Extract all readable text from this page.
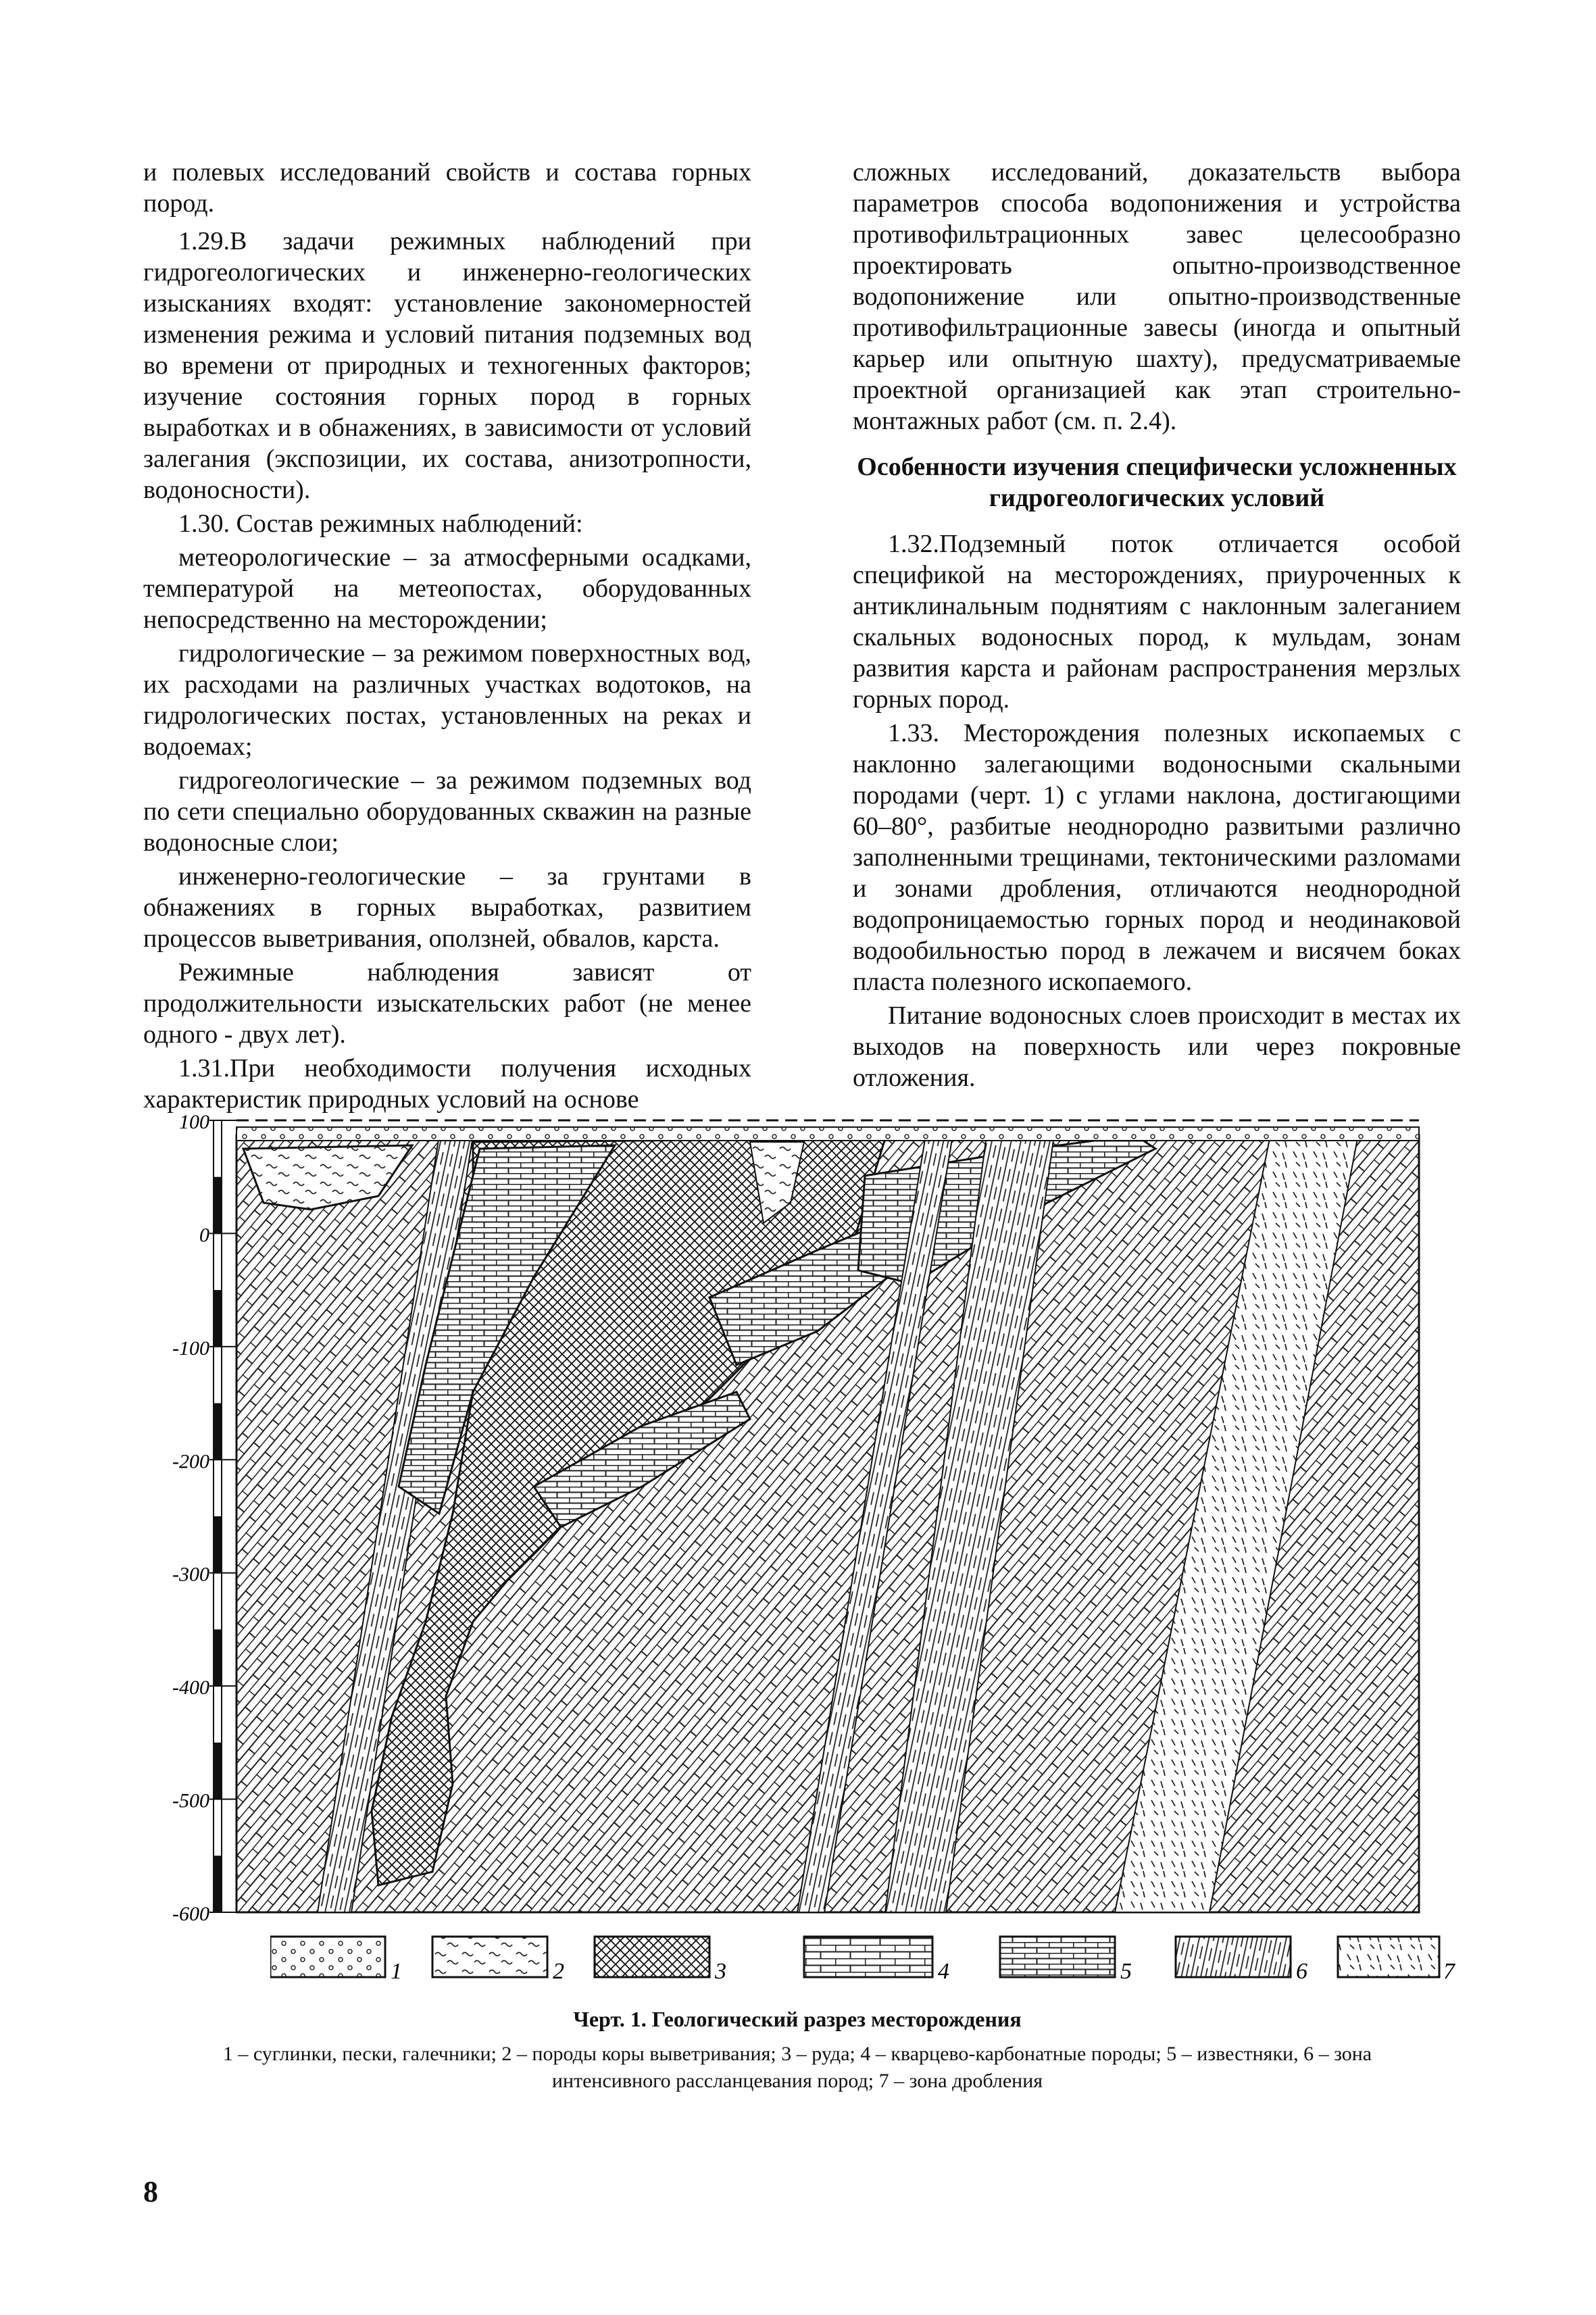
и полевых исследований свойств и состава горных пород.

1.29.В задачи режимных наблюдений при гидрогеологических и инженерно-геологических изысканиях входят: установление закономерностей изменения режима и условий питания подземных вод во времени от природных и техногенных факторов; изучение состояния горных пород в горных выработках и в обнажениях, в зависимости от условий залегания (экспозиции, их состава, анизотропности, водоносности).

1.30. Состав режимных наблюдений:

метеорологические – за атмосферными осадками, температурой на метеопостах, оборудованных непосредственно на месторождении;

гидрологические – за режимом поверхностных вод, их расходами на различных участках водотоков, на гидрологических постах, установленных на реках и водоемах;

гидрогеологические – за режимом подземных вод по сети специально оборудованных скважин на разные водоносные слои;

инженерно-геологические – за грунтами в обнажениях в горных выработках, развитием процессов выветривания, оползней, обвалов, карста.

Режимные наблюдения зависят от продолжительности изыскательских работ (не менее одного - двух лет).

1.31.При необходимости получения исходных характеристик природных условий на основе

сложных исследований, доказательств выбора параметров способа водопонижения и устройства противофильтрационных завес целесообразно проектировать опытно-производственное водопонижение или опытно-производственные противофильтрационные завесы (иногда и опытный карьер или опытную шахту), предусматриваемые проектной организацией как этап строительно-монтажных работ (см. п. 2.4).

Особенности изучения специфически усложненных гидрогеологических условий

1.32.Подземный поток отличается особой спецификой на месторождениях, приуроченных к антиклинальным поднятиям с наклонным залеганием скальных водоносных пород, к мульдам, зонам развития карста и районам распространения мерзлых горных пород.

1.33. Месторождения полезных ископаемых с наклонно залегающими водоносными скальными породами (черт. 1) с углами наклона, достигающими 60–80°, разбитые неоднородно развитыми различно заполненными трещинами, тектоническими разломами и зонами дробления, отличаются неоднородной водопроницаемостью горных пород и неодинаковой водообильностью пород в лежачем и висячем боках пласта полезного ископаемого.

Питание водоносных слоев происходит в местах их выходов на поверхность или через покровные отложения.

100
0
-100
-200
-300
-400
-500
-600
1	2	3	4	5	6	7
Черт. 1. Геологический разрез месторождения
1 – суглинки, пески, галечники; 2 – породы коры выветривания; 3 – руда; 4 – кварцево-карбонатные породы; 5 – известняки, 6 – зона интенсивного рассланцевания пород; 7 – зона дробления
8
